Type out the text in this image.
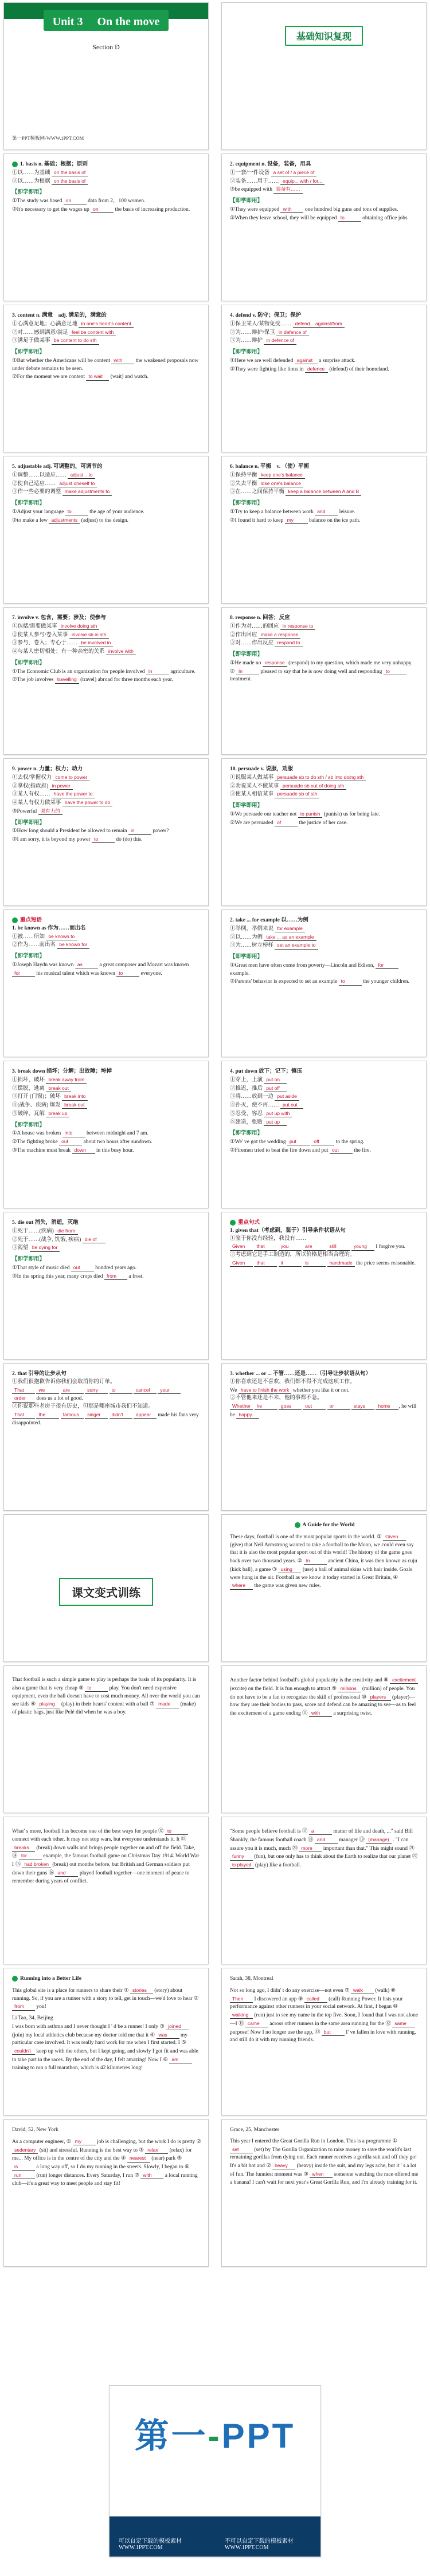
Unit 3　 On the move
Section D
第一PPT模板网-WWW.1PPT.COM
基础知识复现
1. basis n. 基础；根据；原则
①以……为基础 on the basis of
②以……为根据 on the basis of
【即学即用】
①The study was based on	data from 2，100 women.
②It's necessary to get the wages up on	the basis of increasing production.
2. equipment n. 设备，装备，用具
①一套/一件设备 a set of / a piece of
②装备……用于…… equip... with / for...
③be equipped with 装备有……
【即学即用】
①They were equipped with one hundred big guns and tons of supplies.
②When they leave school, they will be equipped to	obtaining office jobs.
3. content n. 满意　adj. 满足的，满意的
①心满意足地；心满意足地 to one's heart's content
②对……感到满意/满足 feel be content with
③满足于做某事 be content to do sth
【即学即用】
①But whether the Americans will be content with the weakened proposals now under debate remains to be seen.
②For the moment we are content to wait (wait) and watch.
4. defend v. 防守；保卫；保护
①保卫某人/某物免受…… defend... against/from
②为……辩护/保卫 in defence of
③为……辩护 in defence of
【即学即用】
①Here we are well defended against a surprise attack.
②They were fighting like lions in defence (defend) of their homeland.
5. adjustable adj. 可调整的，可调节的
①调整……以适应…… adjust... to
②使自己适应…… adjust oneself to
③作一些必要的调整 make adjustments to
【即学即用】
①Adjust your language to	the age of your audience.
②to make a few adjustments (adjust) to the design.
6. balance n. 平衡　v. （使）平衡
①保持平衡 keep one's balance
②失去平衡 lose one's balance
③在……之间保持平衡 keep a balance between A and B
【即学即用】
①Try to keep a balance between work and	leisure.
②I found it hard to keep my	balance on the ice path.
7. involve v. 包含，需要；涉及；使参与
①包括/需要做某事 involve doing sth
②使某人参与/卷入某事 involve sb in sth
③参与，卷入；专心于…… be involved in
④与某人密切相处；有一种亲密的关系 involve with
【即学即用】
①The Economic Club is an organization for people involved in	agriculture.
②The job involves travelling (travel) abroad for three months each year.
8. response n. 回答；反应
①作为对……的回应 in response to
②作出回应 make a response
③对……作出反应 respond to
【即学即用】
①He made no response (respond) to my question, which made me very unhappy.
② In	pleased to say that he is now doing well and responding to treatment.
9. power n. 力量；权力；动力
①去权/掌握权力 come to power
②掌权(指政府) in power
③某人有权…… have the power to
④某人有权力做某事 have the power to do
⑤Powerful 强有力的
【即学即用】
①How long should a President be allowed to remain in	power?
②I am sorry, it is beyond my power to	do (do) this.
10. persuade v. 说服，劝服
①说服某人做某事 persuade sb to do sth / sb into doing sth
②劝说某人不做某事 persuade sb out of doing sth
③使某人相信某事 persuade sb of sth
【即学即用】
①We persuade our teacher not to punish (punish) us for being late.
②We are persuaded of	the justice of her case.
重点短语
1. be known as 作为……而出名
①被……所知 be known to
②作为……而出名 be known for
【即学即用】
①Joseph Haydn was known as	a great composer and Mozart was known for	his musical talent which was known to	everyone.
2. take ... for example 以……为例
①举例，举例来说 for example
②以……为例 take ... as an example
③为……树立榜样 set an example to
【即学即用】
①Great men have often come from poverty—Lincoln and Edison, for example.
②Parents' behavior is expected to set an example to	the younger children.
3. break down 损坏；分解；出故障；垮掉
①损坏，破坏 break away from
②摆脱，逃离 break out
③打开 (门窗)；破坏 break into
④(战争、疾病) 爆发 break out
⑤破碎，瓦解 break up
【即学即用】
①A house was broken into	between midnight and 7 am.
②The fighting broke out	about two hours after sundown.
③The machine must break down in this busy hour.
4. put down 放下；记下；镇压
①穿上，上演 put on
②推迟，推后 put off
③将……放到一边 put aside
④扑灭，使不再…… put out
⑤忍受，容忍 put up with
⑥建造，张贴 put up
【即学即用】
①We' ve got the wedding put	off	to the spring.
②Firemen tried to beat the fire down and put out	the fire.
5. die out 消失，消逝，灭绝
①死于……(疾病) die from
②死于……(战争, 饥饿, 疾病) die of
③渴望 be dying for
【即学即用】
①That style of music died out	hundred years ago.
②In the spring this year, many crops died from a frost.
重点句式
1. given that（考虑到，鉴于）引导条件状语从句
①鉴于你没有经验，我没有……
Given that	you	are	still	young I forgive you.
②考虑到它是手工制造的，所以价格是相当合理的。
Given that	it	is	handmade the price seems reasonable.
2. that 引导的让步从句
①我们很抱歉告诉你我们会取消你的订单。
That	we	are	sorry	to	cancel your order does us a lot of good.
②你说那些老房子很有历史，但那是哪座城市我们不知道。
That	the	famous singer didn't	appear made his fans very disappointed.
3. whether ... or ... 不管……还是……（引导让步状语从句）
①你喜欢还是不喜欢，我们都不得不完成这项工作。
We have to finish the work whether you like it or not.
②不管他来还是不来，他的事都不急。
Whether he	goes	out	or	stays	home , he will be happy.
课文变式训练
A Guide for the World
These days, football is one of the most popular sports in the world. ① Given (give) that Neil Armstrong wanted to take a football to the Moon, we could even say that it is also the most popular sport out of this world! The history of the game goes back over two thousand years. ② In	ancient China, it was then known as cuju (kick ball), a game ③ using (use) a ball of animal skins with hair inside. Goals were hung in the air. Football as we know it today started in Great Britain, ④ where the game was given new rules.
That football is such a simple game to play is perhaps the basis of its popularity. It is also a game that is very cheap ⑤ to	play. You don't need expensive equipment, even the ball doesn't have to cost much money. All over the world you can see kids ⑥ playing (play) in their hearts' content with a ball ⑦ made (make) of plastic bags, just like Pelé did when he was a boy.
Another factor behind football's global popularity is the creativity and ⑧ excitement (excite) on the field. It is fun enough to attract ⑨ millions (million) of people. You do not have to be a fan to recognize the skill of professional ⑩ players (player)—how they use their bodies to pass, score and defend can be amazing to see—as to feel the excitement of a game ending ⑪ with a surprising twist.
What' s more, football has become one of the best ways for people ⑫ to connect with each other. It may not stop wars, but everyone understands it. It ⑬ breaks (break) down walls and brings people together on and off the field. Take, ⑭ for	example, the famous football game on Christmas Day 1914. World War I ⑮ had broken (break) out months before, but British and German soldiers put down their guns ⑯ and	played football together—one moment of peace to remember during years of conflict.
"Some people believe football is ⑰ a	matter of life and death, ..." said Bill Shankly, the famous football coach ⑱ and	manager ⑲ (manage) . "I can assure you it is much, much ⑳ more important than that." This might sound ㉑ funny (fun), but one only has to think about the Earth to realize that our planet ㉒ is played (play) like a football.
Running into a Better Life
This global site is a place for runners to share their ① stories (story) about running. So, if you are a runner with a story to tell, get in touch—we'd love to hear ② from you!
Li Tao, 34, Beijing
I was born with asthma and I never thought I ' d be a runner! I only ③ joined (join) my local athletics club because my doctor told me that it ④ was my particular case involved. It was really hard work for me when I first started. I ⑤ couldn't keep up with the others, but I kept going, and slowly I got fit and was able to take part in the races. By the end of the day, I felt amazing! Now I ⑥ am training to run a full marathon, which is 42 kilometres long!
Sarah, 38, Montreal
Not so long ago, I didn' t do any exercise—not even ⑦ walk (walk) ⑧ Then I discovered an app ⑨ called (call) Running Power. It lists your performance against other runners in your social network. At first, I began ⑩ walking (run) just to see my name in the top five. Soon, I found that I was not alone—I ⑪ came across other runners in the same area running for the ⑫ same purpose! Now I no longer use the app, ⑬ but	I' ve fallen in love with running, and still do it with my running friends.
David, 52, New York
As a computer engineer, ① my	job is challenging, but the work I do is pretty ② sedentary (sit) and stressful. Running is the best way to ③ relax (relax) for me... My office is in the centre of the city and the ④ nearest (near) park ⑤ is	a long way off, so I do my running in the streets. Slowly, I began to ⑥ run	(run) longer distances. Every Saturday, I run ⑦ with a local running club—it's a great way to meet people and stay fit!
Grace, 25, Manchester
This year I entered the Great Gorilla Run in London. This is a programme ① set	(set) by The Gorilla Organization to raise money to save the world's last remaining gorillas from dying out. Each runner receives a gorilla suit and off they go! It's a bit hot and ② heavy (heavy) inside the suit, and my legs ache, but it ' s a lot of fun. The funniest moment was ③ when someone watching the race offered me a banana! I can't wait for next year's Great Gorilla Run, and I'm already training for it.
第一-PPT
可以自定下载的模板素材
WWW.1PPT.COM
不可以自定下载的模板素材
WWW.1PPT.COM
